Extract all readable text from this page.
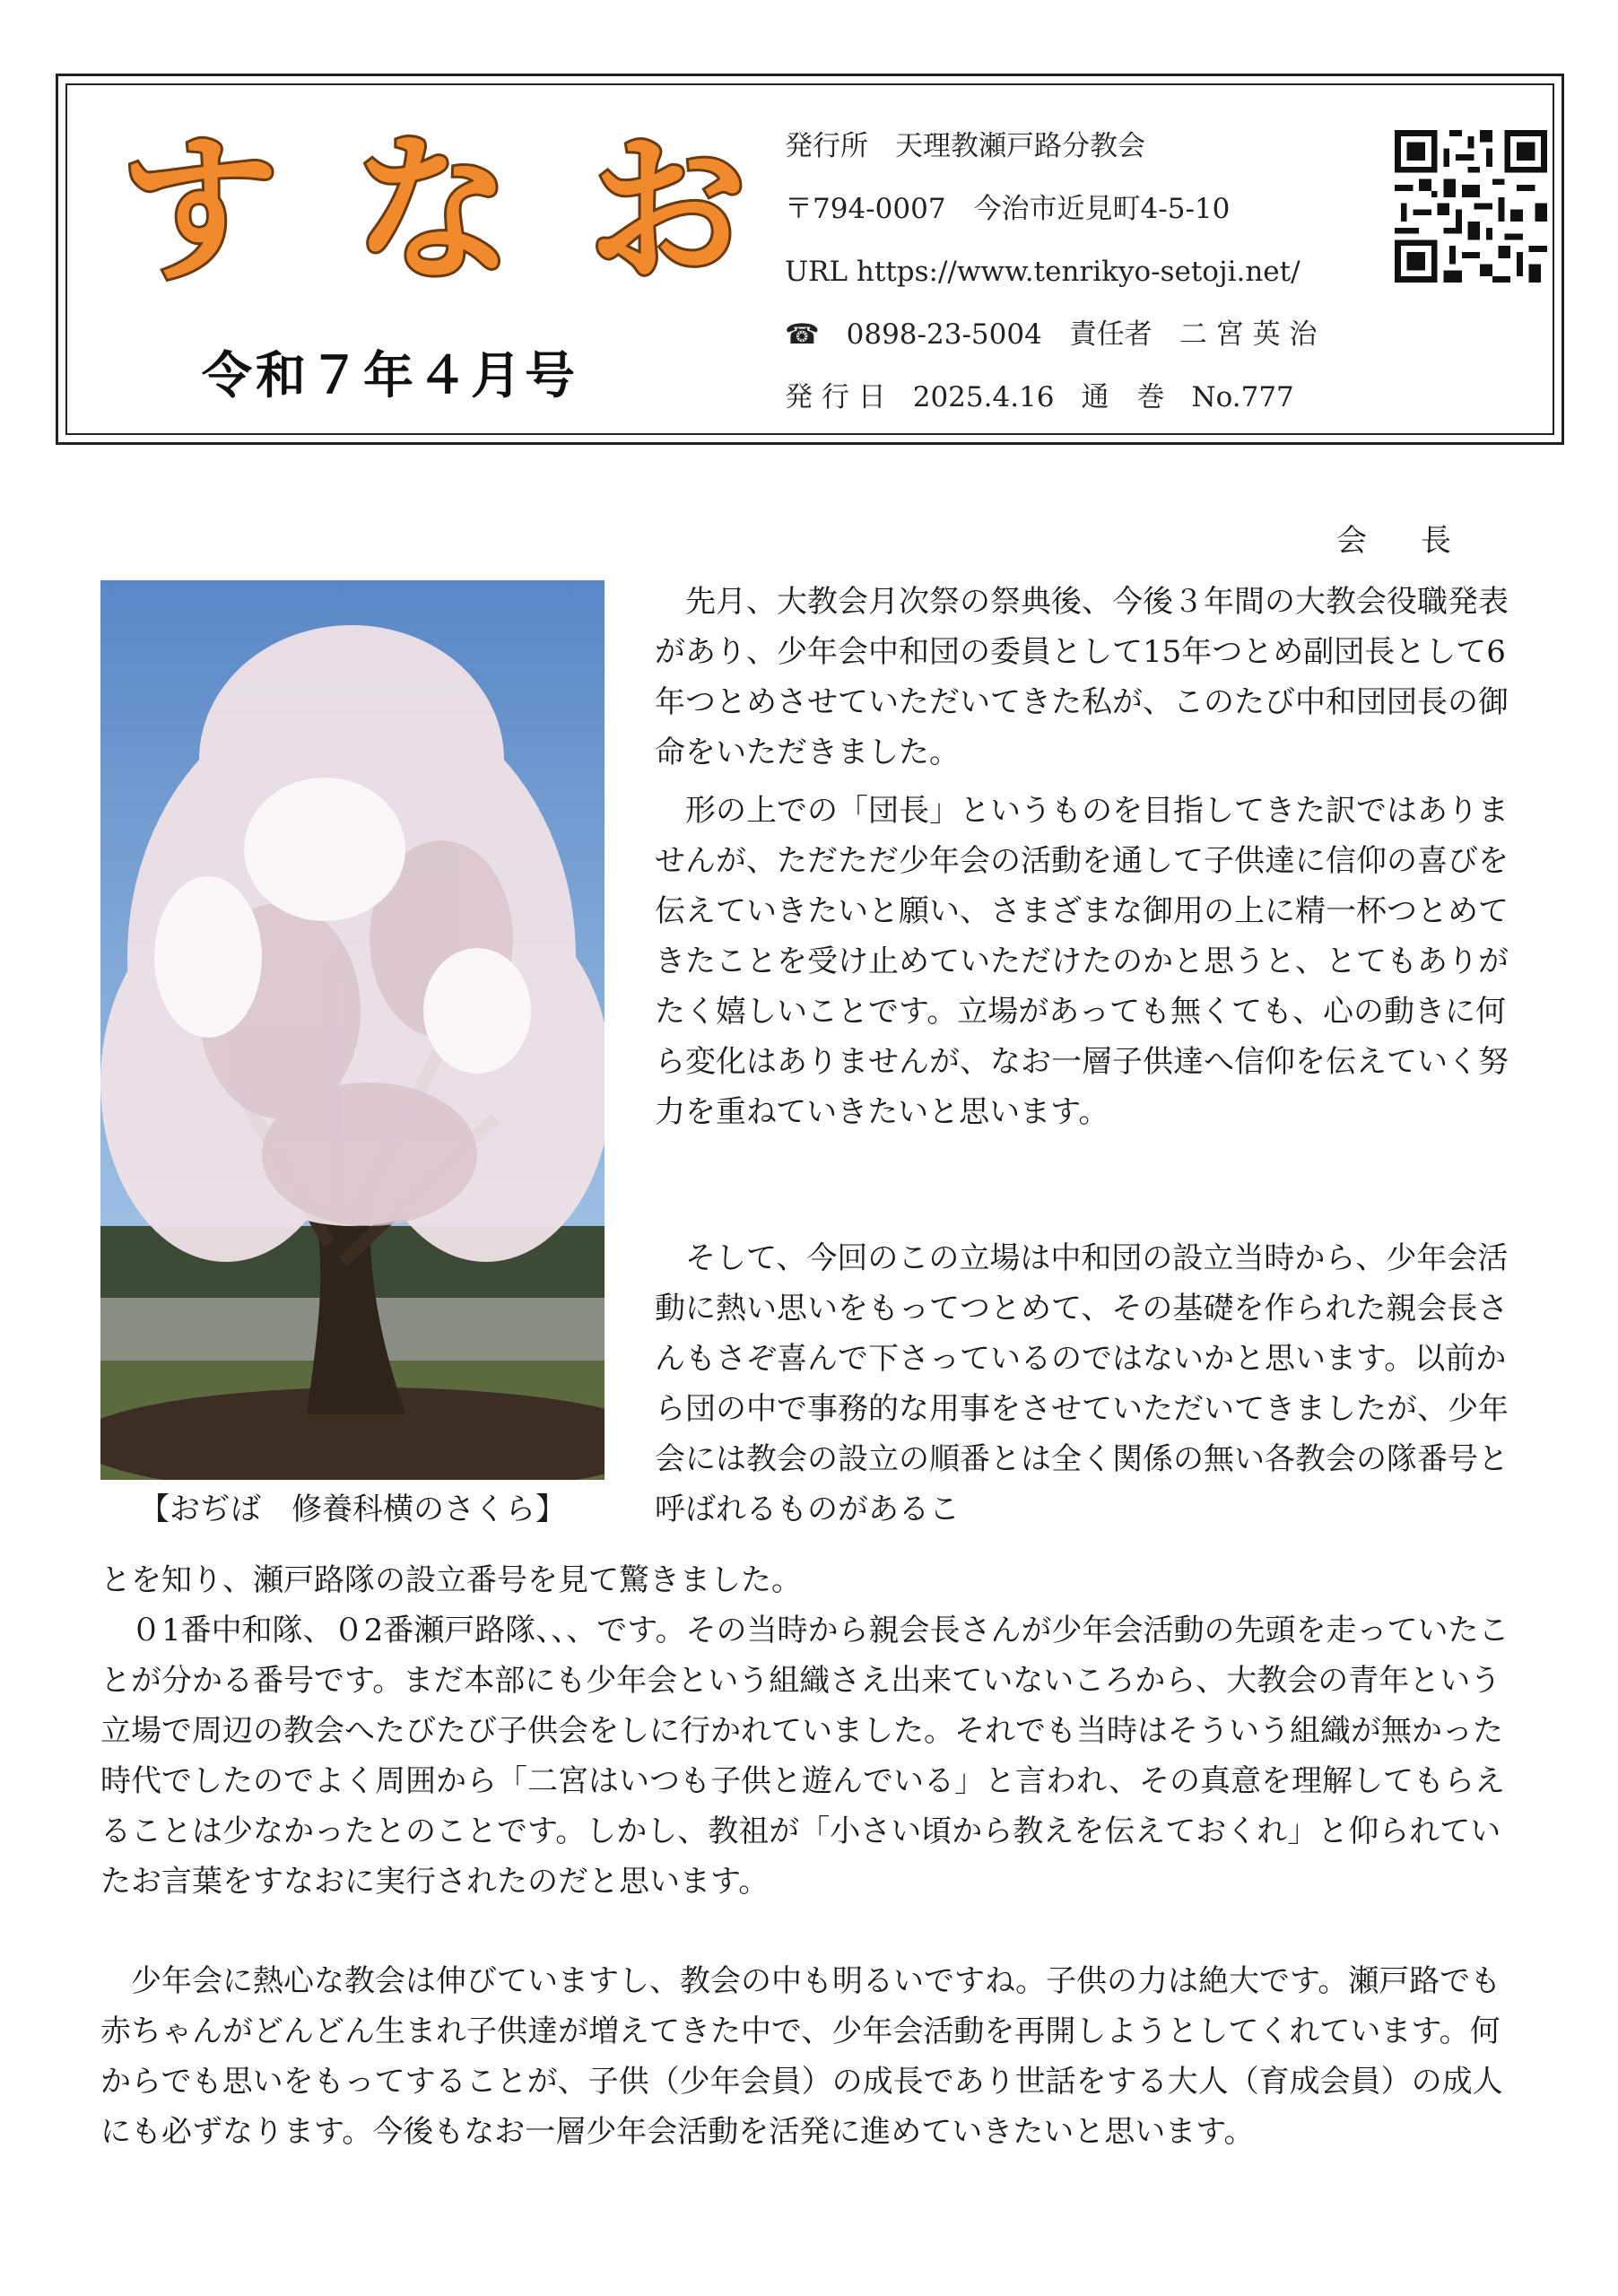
す な お
令和７年４月号
発行所 天理教瀬戸路分教会
〒794-0007　今治市近見町4-5-10
URL https://www.tenrikyo-setoji.net/
☎ 0898-23-5004 責任者 二 宮 英 治
発 行 日 2025.4.16 通　巻 No.777
会長
【おぢば　修養科横のさくら】

　先月、大教会月次祭の祭典後、今後３年間の大教会役職発表があり、少年会中和団の委員として15年つとめ副団長として6年つとめさせていただいてきた私が、このたび中和団団長の御命をいただきました。

　形の上での「団長」というものを目指してきた訳ではありませんが、ただただ少年会の活動を通して子供達に信仰の喜びを伝えていきたいと願い、さまざまな御用の上に精一杯つとめてきたことを受け止めていただけたのかと思うと、とてもありがたく嬉しいことです。立場があっても無くても、心の動きに何ら変化はありませんが、なお一層子供達へ信仰を伝えていく努力を重ねていきたいと思います。

　そして、今回のこの立場は中和団の設立当時から、少年会活動に熱い思いをもってつとめて、その基礎を作られた親会長さんもさぞ喜んで下さっているのではないかと思います。以前から団の中で事務的な用事をさせていただいてきましたが、少年会には教会の設立の順番とは全く関係の無い各教会の隊番号と呼ばれるものがあるこ

とを知り、瀬戸路隊の設立番号を見て驚きました。

　０1番中和隊、０2番瀬戸路隊、、、です。その当時から親会長さんが少年会活動の先頭を走っていたことが分かる番号です。まだ本部にも少年会という組織さえ出来ていないころから、大教会の青年という立場で周辺の教会へたびたび子供会をしに行かれていました。それでも当時はそういう組織が無かった時代でしたのでよく周囲から「二宮はいつも子供と遊んでいる」と言われ、その真意を理解してもらえることは少なかったとのことです。しかし、教祖が「小さい頃から教えを伝えておくれ」と仰られていたお言葉をすなおに実行されたのだと思います。

　少年会に熱心な教会は伸びていますし、教会の中も明るいですね。子供の力は絶大です。瀬戸路でも赤ちゃんがどんどん生まれ子供達が増えてきた中で、少年会活動を再開しようとしてくれています。何からでも思いをもってすることが、子供（少年会員）の成長であり世話をする大人（育成会員）の成人にも必ずなります。今後もなお一層少年会活動を活発に進めていきたいと思います。
